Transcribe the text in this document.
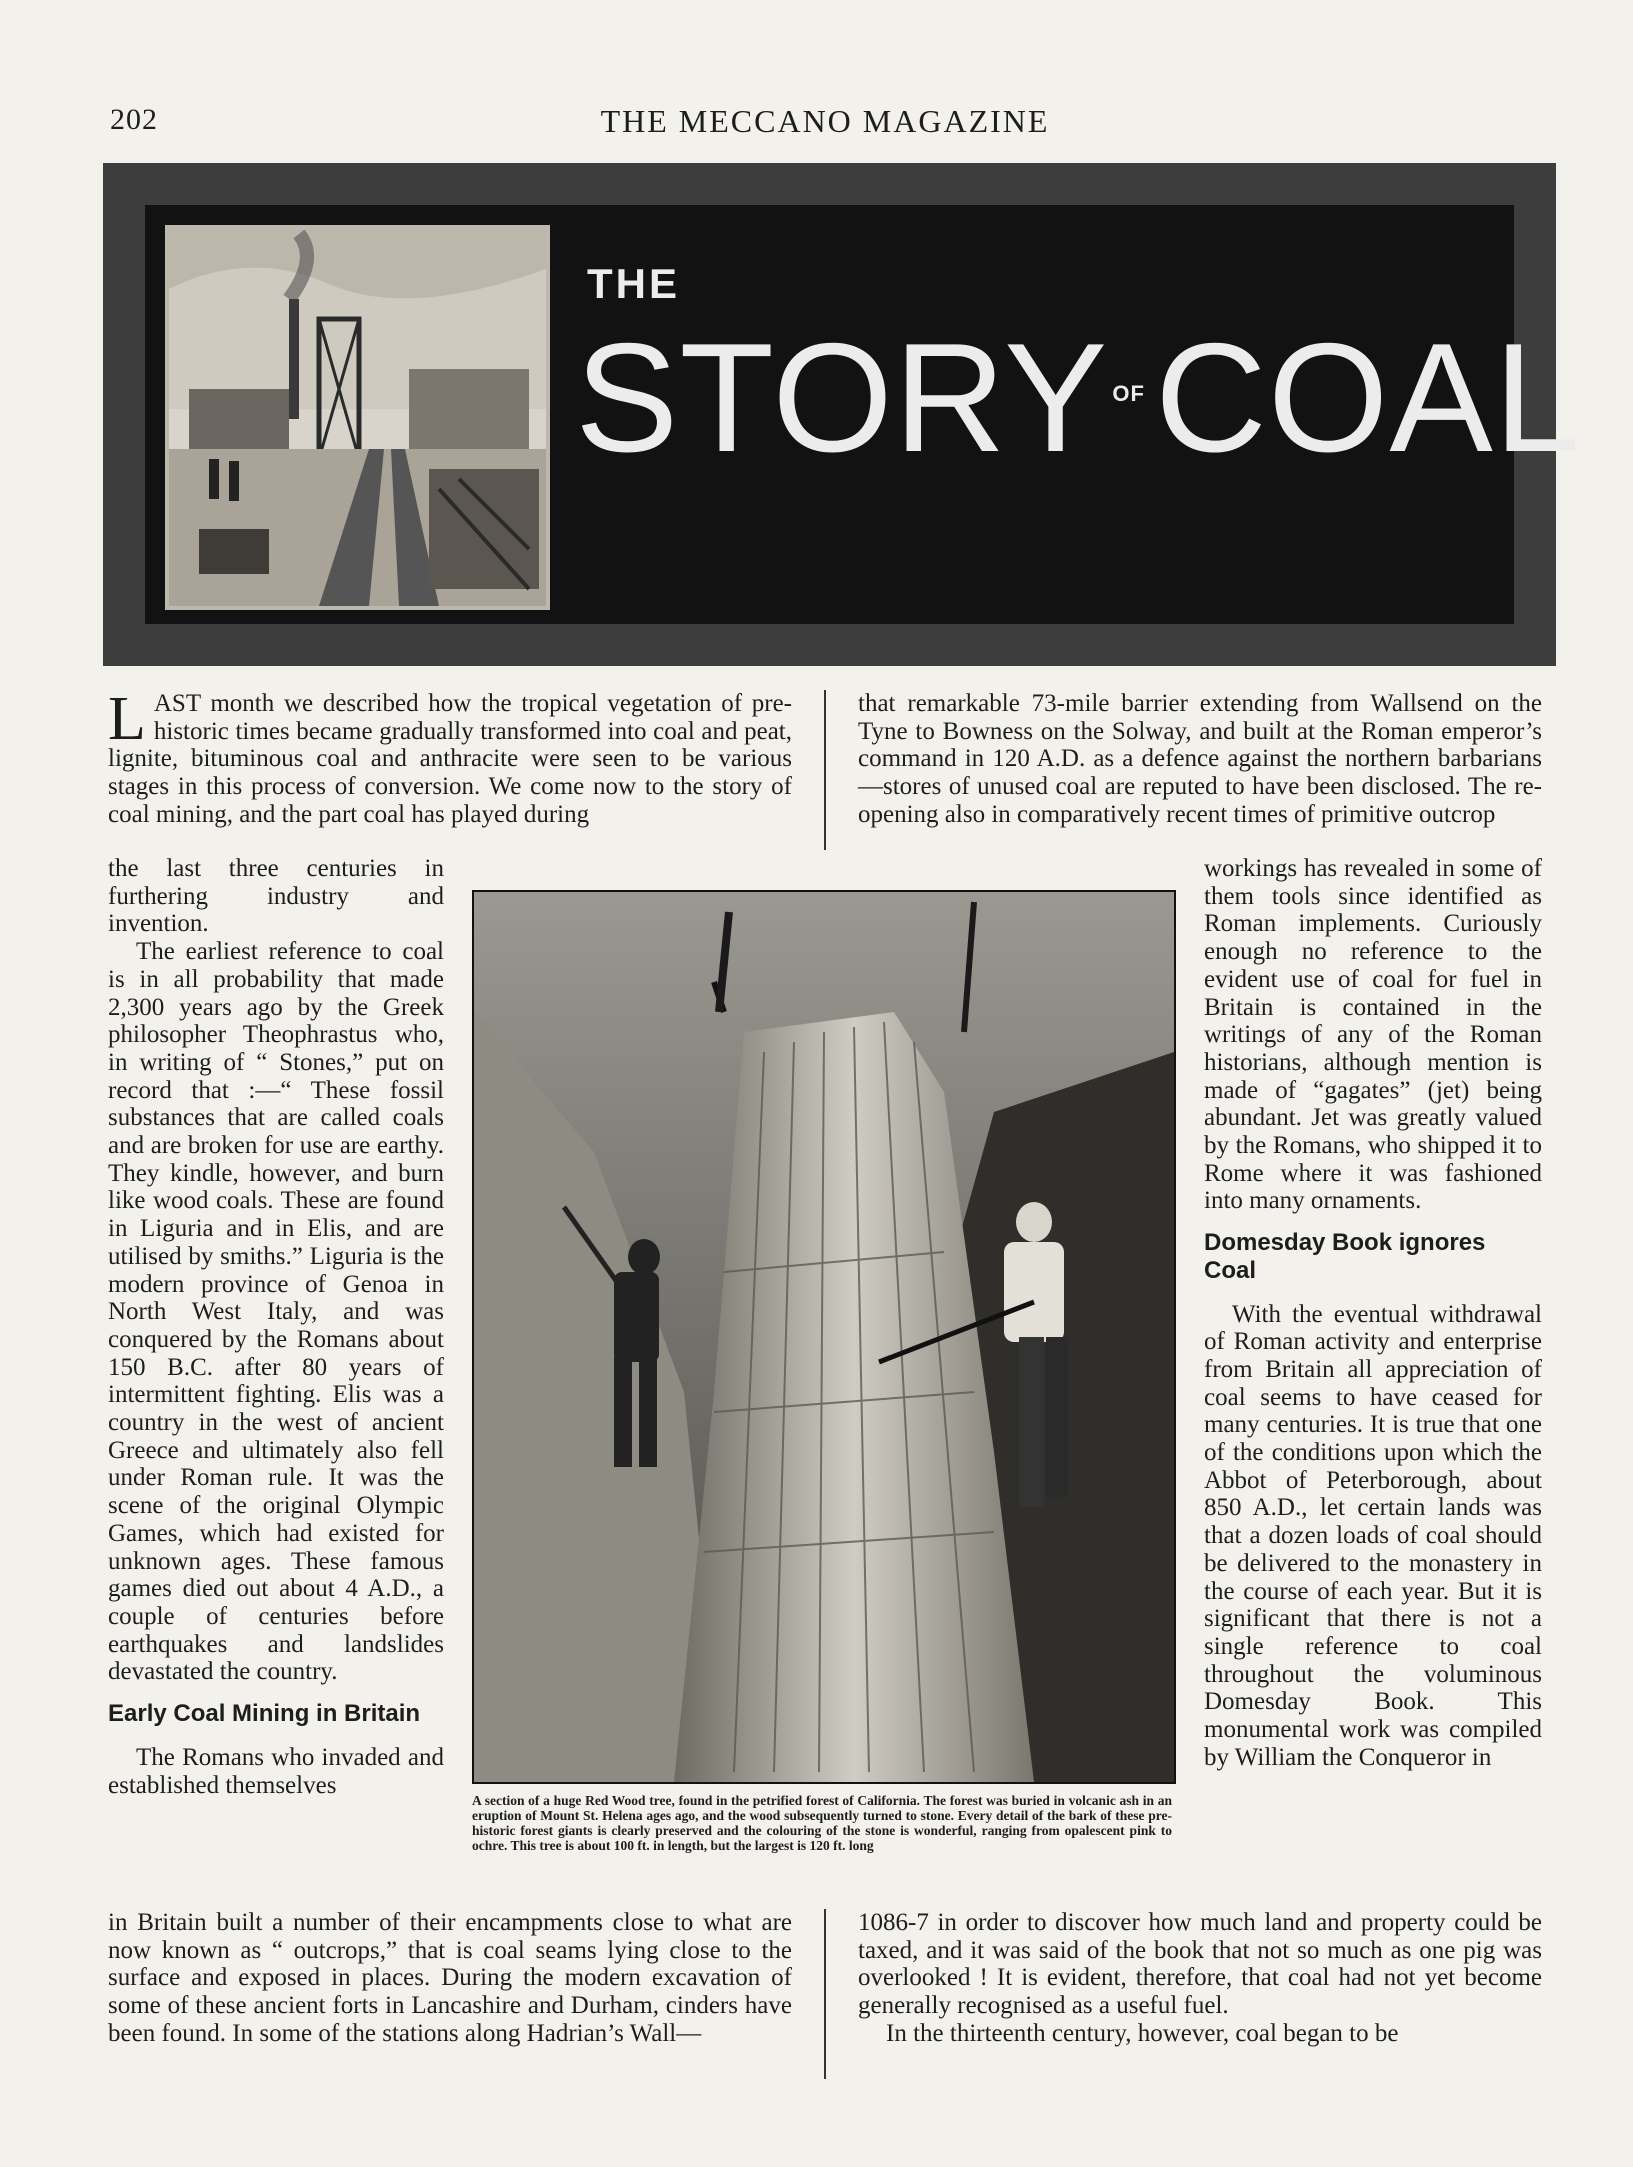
202	THE MECCANO MAGAZINE
THE
STORY $^{OF}$COAL

LAST month we described how the tropical vegetation of pre-historic times became gradually transformed into coal and peat, lignite, bituminous coal and anthracite were seen to be various stages in this process of conversion. We come now to the story of coal mining, and the part coal has played during

the last three centuries in furthering industry and invention.

The earliest reference to coal is in all probability that made 2,300 years ago by the Greek philosopher Theophrastus who, in writing of “ Stones,” put on record that :—“ These fossil substances that are called coals and are broken for use are earthy. They kindle, however, and burn like wood coals. These are found in Liguria and in Elis, and are utilised by smiths.” Liguria is the modern province of Genoa in North West Italy, and was conquered by the Romans about 150 B.C. after 80 years of intermittent fighting. Elis was a country in the west of ancient Greece and ultimately also fell under Roman rule. It was the scene of the original Olympic Games, which had existed for unknown ages. These famous games died out about 4 A.D., a couple of centuries before earthquakes and landslides devastated the country.

Early Coal Mining in Britain

The Romans who invaded and established themselves

in Britain built a number of their encampments close to what are now known as “ outcrops,” that is coal seams lying close to the surface and exposed in places. During the modern excavation of some of these ancient forts in Lancashire and Durham, cinders have been found. In some of the stations along Hadrian’s Wall—

that remarkable 73-mile barrier extending from Wallsend on the Tyne to Bowness on the Solway, and built at the Roman emperor’s command in 120 A.D. as a defence against the northern barbarians—stores of unused coal are reputed to have been disclosed. The re-opening also in comparatively recent times of primitive outcrop

workings has revealed in some of them tools since identified as Roman implements. Curiously enough no reference to the evident use of coal for fuel in Britain is contained in the writings of any of the Roman historians, although mention is made of “gagates” (jet) being abundant. Jet was greatly valued by the Romans, who shipped it to Rome where it was fashioned into many ornaments.

Domesday Book ignores Coal

With the eventual withdrawal of Roman activity and enterprise from Britain all appreciation of coal seems to have ceased for many centuries. It is true that one of the conditions upon which the Abbot of Peterborough, about 850 A.D., let certain lands was that a dozen loads of coal should be delivered to the monastery in the course of each year. But it is significant that there is not a single reference to coal throughout the voluminous Domesday Book. This monumental work was compiled by William the Conqueror in

1086-7 in order to discover how much land and property could be taxed, and it was said of the book that not so much as one pig was overlooked ! It is evident, therefore, that coal had not yet become generally recognised as a useful fuel.

In the thirteenth century, however, coal began to be

A section of a huge Red Wood tree, found in the petrified forest of California. The forest was buried in volcanic ash in an eruption of Mount St. Helena ages ago, and the wood subsequently turned to stone. Every detail of the bark of these pre-historic forest giants is clearly preserved and the colouring of the stone is wonderful, ranging from opalescent pink to ochre. This tree is about 100 ft. in length, but the largest is 120 ft. long
